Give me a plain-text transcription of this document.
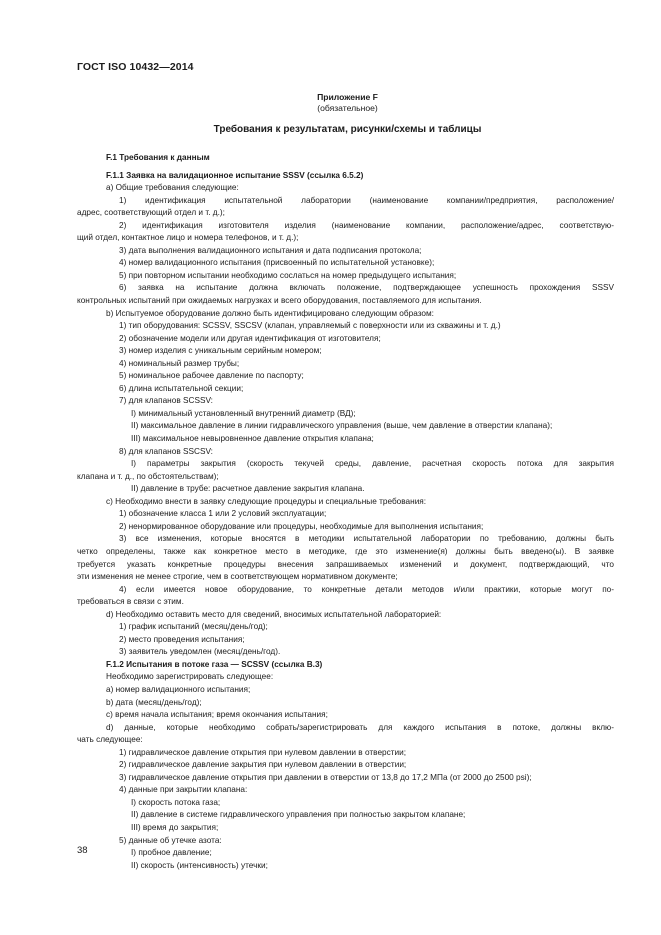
ГОСТ ISO 10432—2014
Приложение F
(обязательное)
Требования к результатам, рисунки/схемы и таблицы
F.1 Требования к данным
F.1.1 Заявка на валидационное испытание SSSV (ссылка 6.5.2)
a) Общие требования следующие:
1) идентификация испытательной лаборатории (наименование компании/предприятия, расположение/
адрес, соответствующий отдел и т. д.);
2) идентификация изготовителя изделия (наименование компании, расположение/адрес, соответствую-
щий отдел, контактное лицо и номера телефонов, и т. д.);
3) дата выполнения валидационного испытания и дата подписания протокола;
4) номер валидационного испытания (присвоенный по испытательной установке);
5) при повторном испытании необходимо сослаться на номер предыдущего испытания;
6) заявка на испытание должна включать положение, подтверждающее успешность прохождения SSSV
контрольных испытаний при ожидаемых нагрузках и всего оборудования, поставляемого для испытания.
b) Испытуемое оборудование должно быть идентифицировано следующим образом:
1) тип оборудования: SCSSV, SSCSV (клапан, управляемый с поверхности или из скважины и т. д.)
2) обозначение модели или другая идентификация от изготовителя;
3) номер изделия с уникальным серийным номером;
4) номинальный размер трубы;
5) номинальное рабочее давление по паспорту;
6) длина испытательной секции;
7) для клапанов SCSSV:
I) минимальный установленный внутренний диаметр (ВД);
II) максимальное давление в линии гидравлического управления (выше, чем давление в отверстии клапана);
III) максимальное невыровненное давление открытия клапана;
8) для клапанов SSCSV:
I) параметры закрытия (скорость текучей среды, давление, расчетная скорость потока для закрытия
клапана и т. д., по обстоятельствам);
II) давление в трубе: расчетное давление закрытия клапана.
c) Необходимо внести в заявку следующие процедуры и специальные требования:
1) обозначение класса 1 или 2 условий эксплуатации;
2) ненормированное оборудование или процедуры, необходимые для выполнения испытания;
3) все изменения, которые вносятся в методики испытательной лаборатории по требованию, должны быть
четко определены, также как конкретное место в методике, где это изменение(я) должны быть введено(ы). В заявке
требуется указать конкретные процедуры внесения запрашиваемых изменений и документ, подтверждающий, что
эти изменения не менее строгие, чем в соответствующем нормативном документе;
4) если имеется новое оборудование, то конкретные детали методов и/или практики, которые могут по-
требоваться в связи с этим.
d) Необходимо оставить место для сведений, вносимых испытательной лабораторией:
1) график испытаний (месяц/день/год);
2) место проведения испытания;
3) заявитель уведомлен (месяц/день/год).
F.1.2 Испытания в потоке газа — SCSSV (ссылка В.3)
Необходимо зарегистрировать следующее:
a) номер валидационного испытания;
b) дата (месяц/день/год);
c) время начала испытания; время окончания испытания;
d) данные, которые необходимо собрать/зарегистрировать для каждого испытания в потоке, должны вклю-
чать следующее:
1) гидравлическое давление открытия при нулевом давлении в отверстии;
2) гидравлическое давление закрытия при нулевом давлении в отверстии;
3) гидравлическое давление открытия при давлении в отверстии от 13,8 до 17,2 МПа (от 2000 до 2500 psi);
4) данные при закрытии клапана:
I) скорость потока газа;
II) давление в системе гидравлического управления при полностью закрытом клапане;
III) время до закрытия;
5) данные об утечке азота:
I) пробное давление;
II) скорость (интенсивность) утечки;
38
